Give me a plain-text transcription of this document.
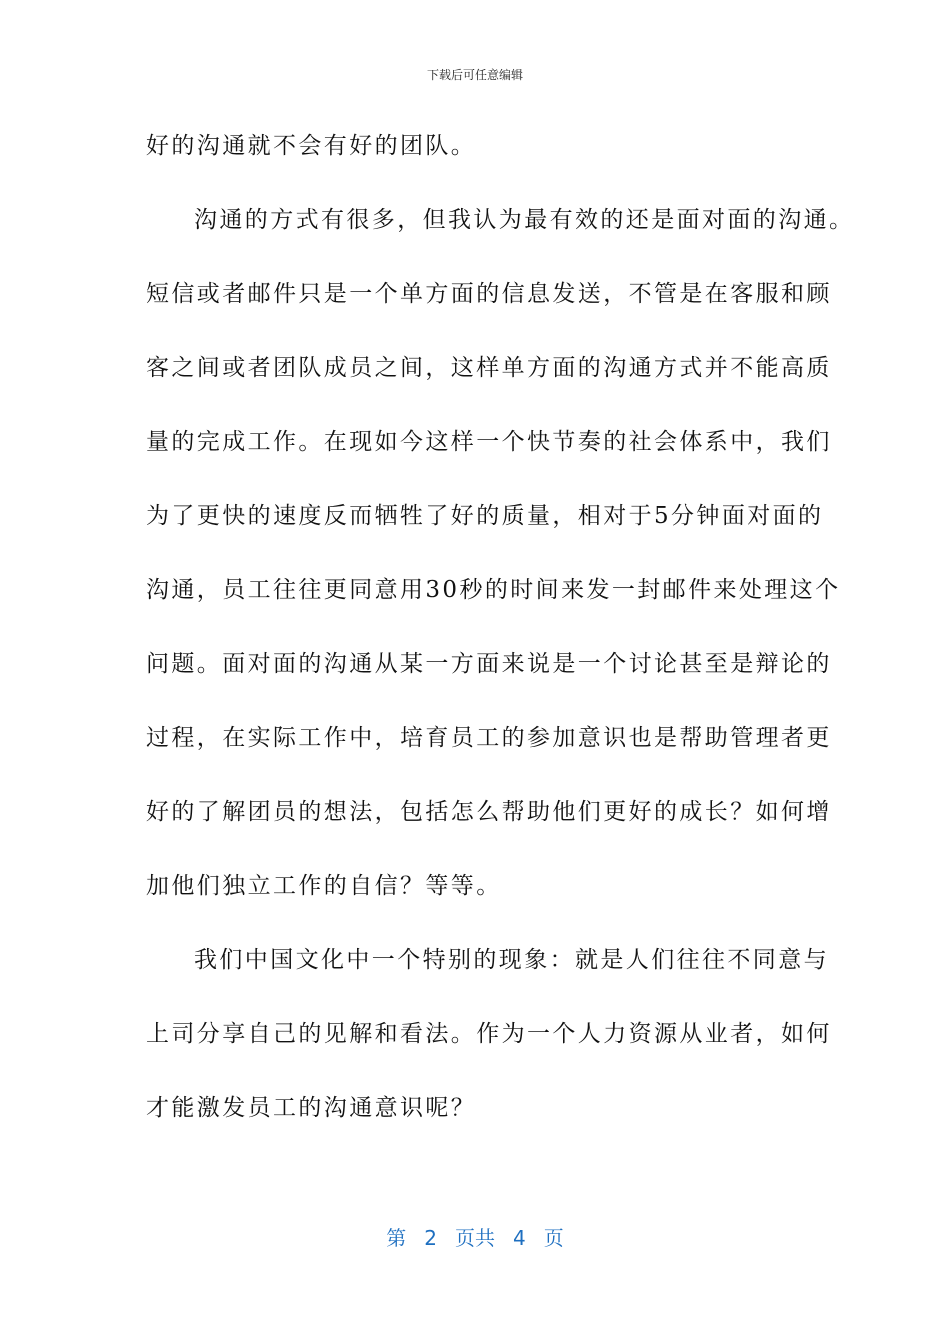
下载后可任意编辑
好的沟通就不会有好的团队。
沟通的方式有很多，但我认为最有效的还是面对面的沟通。
短信或者邮件只是一个单方面的信息发送，不管是在客服和顾
客之间或者团队成员之间，这样单方面的沟通方式并不能高质
量的完成工作。在现如今这样一个快节奏的社会体系中，我们
为了更快的速度反而牺牲了好的质量，相对于5分钟面对面的
沟通，员工往往更同意用30秒的时间来发一封邮件来处理这个
问题。面对面的沟通从某一方面来说是一个讨论甚至是辩论的
过程，在实际工作中，培育员工的参加意识也是帮助管理者更
好的了解团员的想法，包括怎么帮助他们更好的成长？如何增
加他们独立工作的自信？等等。
我们中国文化中一个特别的现象：就是人们往往不同意与
上司分享自己的见解和看法。作为一个人力资源从业者，如何
才能激发员工的沟通意识呢？
第 2 页共 4 页
